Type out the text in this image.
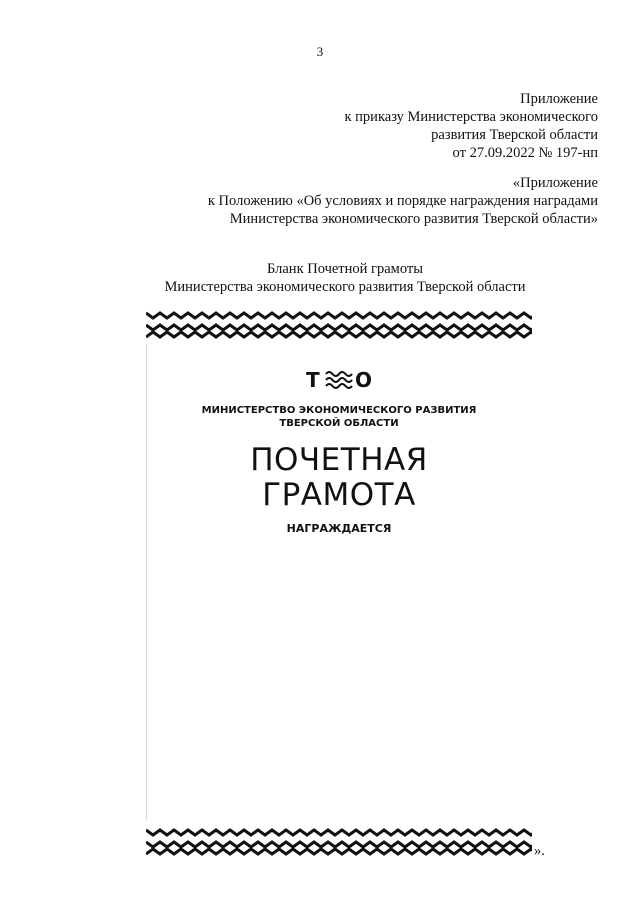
3
Приложение
к приказу Министерства экономического
развития Тверской области
от 27.09.2022 № 197-нп
«Приложение
к Положению «Об условиях и порядке награждения наградами
Министерства экономического развития Тверской области»
Бланк Почетной грамоты
Министерства экономического развития Тверской области
Т О
МИНИСТЕРСТВО ЭКОНОМИЧЕСКОГО РАЗВИТИЯ
ТВЕРСКОЙ ОБЛАСТИ
ПОЧЕТНАЯ
ГРАМОТА
НАГРАЖДАЕТСЯ
».
